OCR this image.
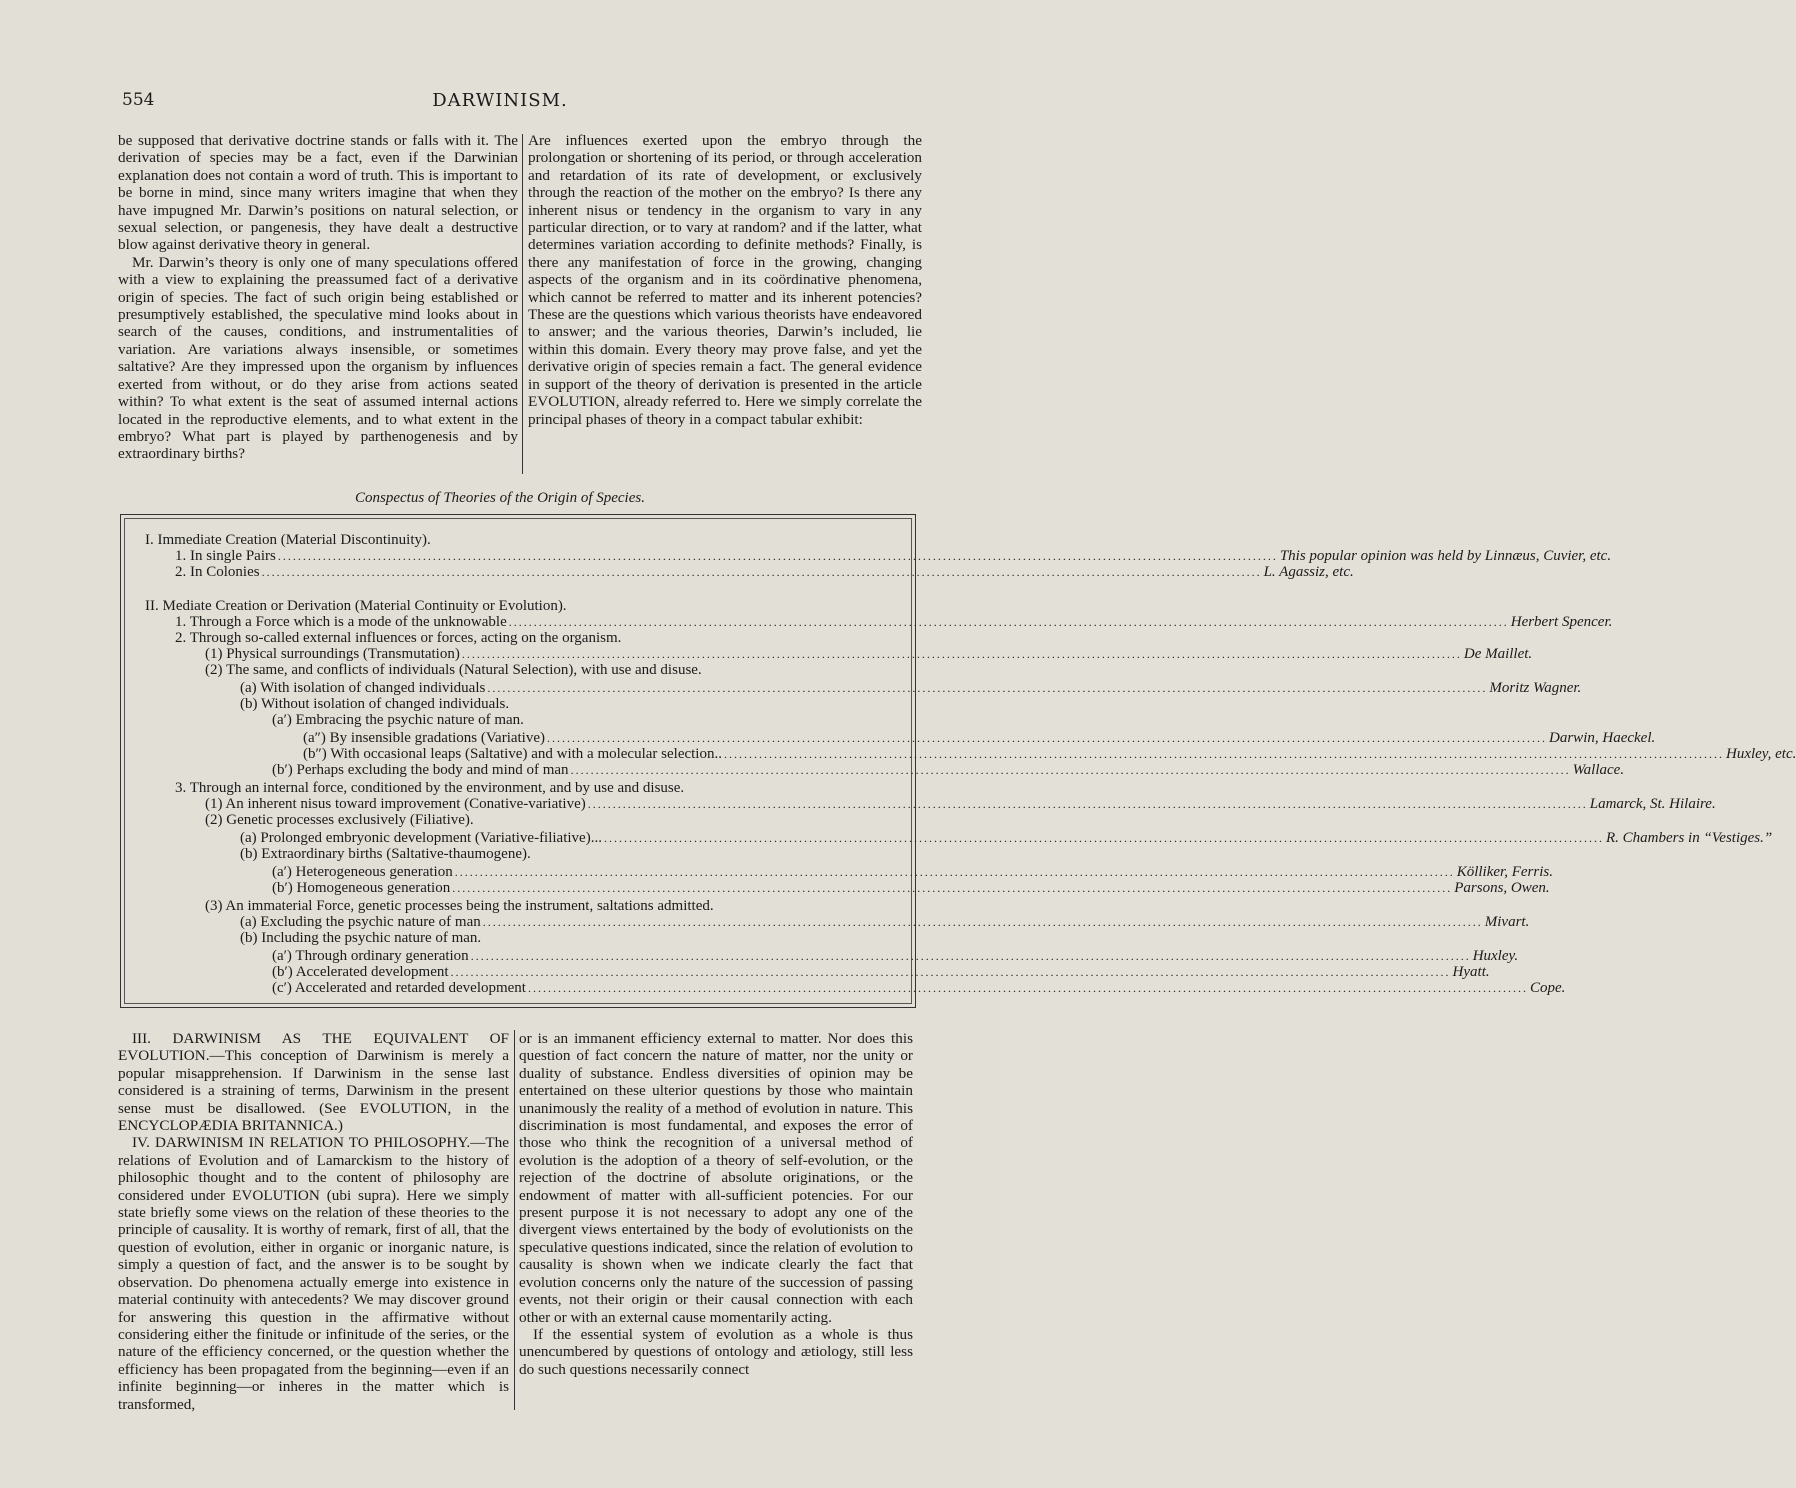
554	DARWINISM.

be supposed that derivative doctrine stands or falls with it. The derivation of species may be a fact, even if the Darwinian explanation does not contain a word of truth. This is important to be borne in mind, since many writers imagine that when they have impugned Mr. Darwin’s positions on natural selection, or sexual selection, or pangenesis, they have dealt a destructive blow against derivative theory in general.

Mr. Darwin’s theory is only one of many speculations offered with a view to explaining the preassumed fact of a derivative origin of species. The fact of such origin being established or presumptively established, the speculative mind looks about in search of the causes, conditions, and instrumentalities of variation. Are variations always insensible, or sometimes saltative? Are they impressed upon the organism by influences exerted from without, or do they arise from actions seated within? To what extent is the seat of assumed internal actions located in the reproductive elements, and to what extent in the embryo? What part is played by parthenogenesis and by extraordinary births?

Are influences exerted upon the embryo through the prolongation or shortening of its period, or through acceleration and retardation of its rate of development, or exclusively through the reaction of the mother on the embryo? Is there any inherent nisus or tendency in the organism to vary in any particular direction, or to vary at random? and if the latter, what determines variation according to definite methods? Finally, is there any manifestation of force in the growing, changing aspects of the organism and in its coördinative phenomena, which cannot be referred to matter and its inherent potencies? These are the questions which various theorists have endeavored to answer; and the various theories, Darwin’s included, lie within this domain. Every theory may prove false, and yet the derivative origin of species remain a fact. The general evidence in support of the theory of derivation is presented in the article EVOLUTION, already referred to. Here we simply correlate the principal phases of theory in a compact tabular exhibit:

Conspectus of Theories of the Origin of Species.
I. Immediate Creation (Material Discontinuity).
1. In single Pairs ........................................................................................................................................................................................................ This popular opinion was held by Linnæus, Cuvier, etc.
2. In Colonies ........................................................................................................................................................................................................ L. Agassiz, etc.
II. Mediate Creation or Derivation (Material Continuity or Evolution).
1. Through a Force which is a mode of the unknowable ........................................................................................................................................................................................................ Herbert Spencer.
2. Through so-called external influences or forces, acting on the organism.
(1) Physical surroundings (Transmutation) ........................................................................................................................................................................................................ De Maillet.
(2) The same, and conflicts of individuals (Natural Selection), with use and disuse.
(a) With isolation of changed individuals ........................................................................................................................................................................................................ Moritz Wagner.
(b) Without isolation of changed individuals.
(a′) Embracing the psychic nature of man.
(a″) By insensible gradations (Variative) ........................................................................................................................................................................................................ Darwin, Haeckel.
(b″) With occasional leaps (Saltative) and with a molecular selection.. ........................................................................................................................................................................................................ Huxley, etc.
(b′) Perhaps excluding the body and mind of man ........................................................................................................................................................................................................ Wallace.
3. Through an internal force, conditioned by the environment, and by use and disuse.
(1) An inherent nisus toward improvement (Conative-variative) ........................................................................................................................................................................................................ Lamarck, St. Hilaire.
(2) Genetic processes exclusively (Filiative).
(a) Prolonged embryonic development (Variative-filiative)... ........................................................................................................................................................................................................ R. Chambers in “Vestiges.”
(b) Extraordinary births (Saltative-thaumogene).
(a′) Heterogeneous generation ........................................................................................................................................................................................................ Kölliker, Ferris.
(b′) Homogeneous generation ........................................................................................................................................................................................................ Parsons, Owen.
(3) An immaterial Force, genetic processes being the instrument, saltations admitted.
(a) Excluding the psychic nature of man ........................................................................................................................................................................................................ Mivart.
(b) Including the psychic nature of man.
(a′) Through ordinary generation ........................................................................................................................................................................................................ Huxley.
(b′) Accelerated development ........................................................................................................................................................................................................ Hyatt.
(c′) Accelerated and retarded development ........................................................................................................................................................................................................ Cope.

III. DARWINISM AS THE EQUIVALENT OF EVOLUTION.—This conception of Darwinism is merely a popular misapprehension. If Darwinism in the sense last considered is a straining of terms, Darwinism in the present sense must be disallowed. (See EVOLUTION, in the ENCYCLOPÆDIA BRITANNICA.)

IV. DARWINISM IN RELATION TO PHILOSOPHY.—The relations of Evolution and of Lamarckism to the history of philosophic thought and to the content of philosophy are considered under EVOLUTION (ubi supra). Here we simply state briefly some views on the relation of these theories to the principle of causality. It is worthy of remark, first of all, that the question of evolution, either in organic or inorganic nature, is simply a question of fact, and the answer is to be sought by observation. Do phenomena actually emerge into existence in material continuity with antecedents? We may discover ground for answering this question in the affirmative without considering either the finitude or infinitude of the series, or the nature of the efficiency concerned, or the question whether the efficiency has been propagated from the beginning—even if an infinite beginning—or inheres in the matter which is transformed,

or is an immanent efficiency external to matter. Nor does this question of fact concern the nature of matter, nor the unity or duality of substance. Endless diversities of opinion may be entertained on these ulterior questions by those who maintain unanimously the reality of a method of evolution in nature. This discrimination is most fundamental, and exposes the error of those who think the recognition of a universal method of evolution is the adoption of a theory of self-evolution, or the rejection of the doctrine of absolute originations, or the endowment of matter with all-sufficient potencies. For our present purpose it is not necessary to adopt any one of the divergent views entertained by the body of evolutionists on the speculative questions indicated, since the relation of evolution to causality is shown when we indicate clearly the fact that evolution concerns only the nature of the succession of passing events, not their origin or their causal connection with each other or with an external cause momentarily acting.

If the essential system of evolution as a whole is thus unencumbered by questions of ontology and ætiology, still less do such questions necessarily connect
